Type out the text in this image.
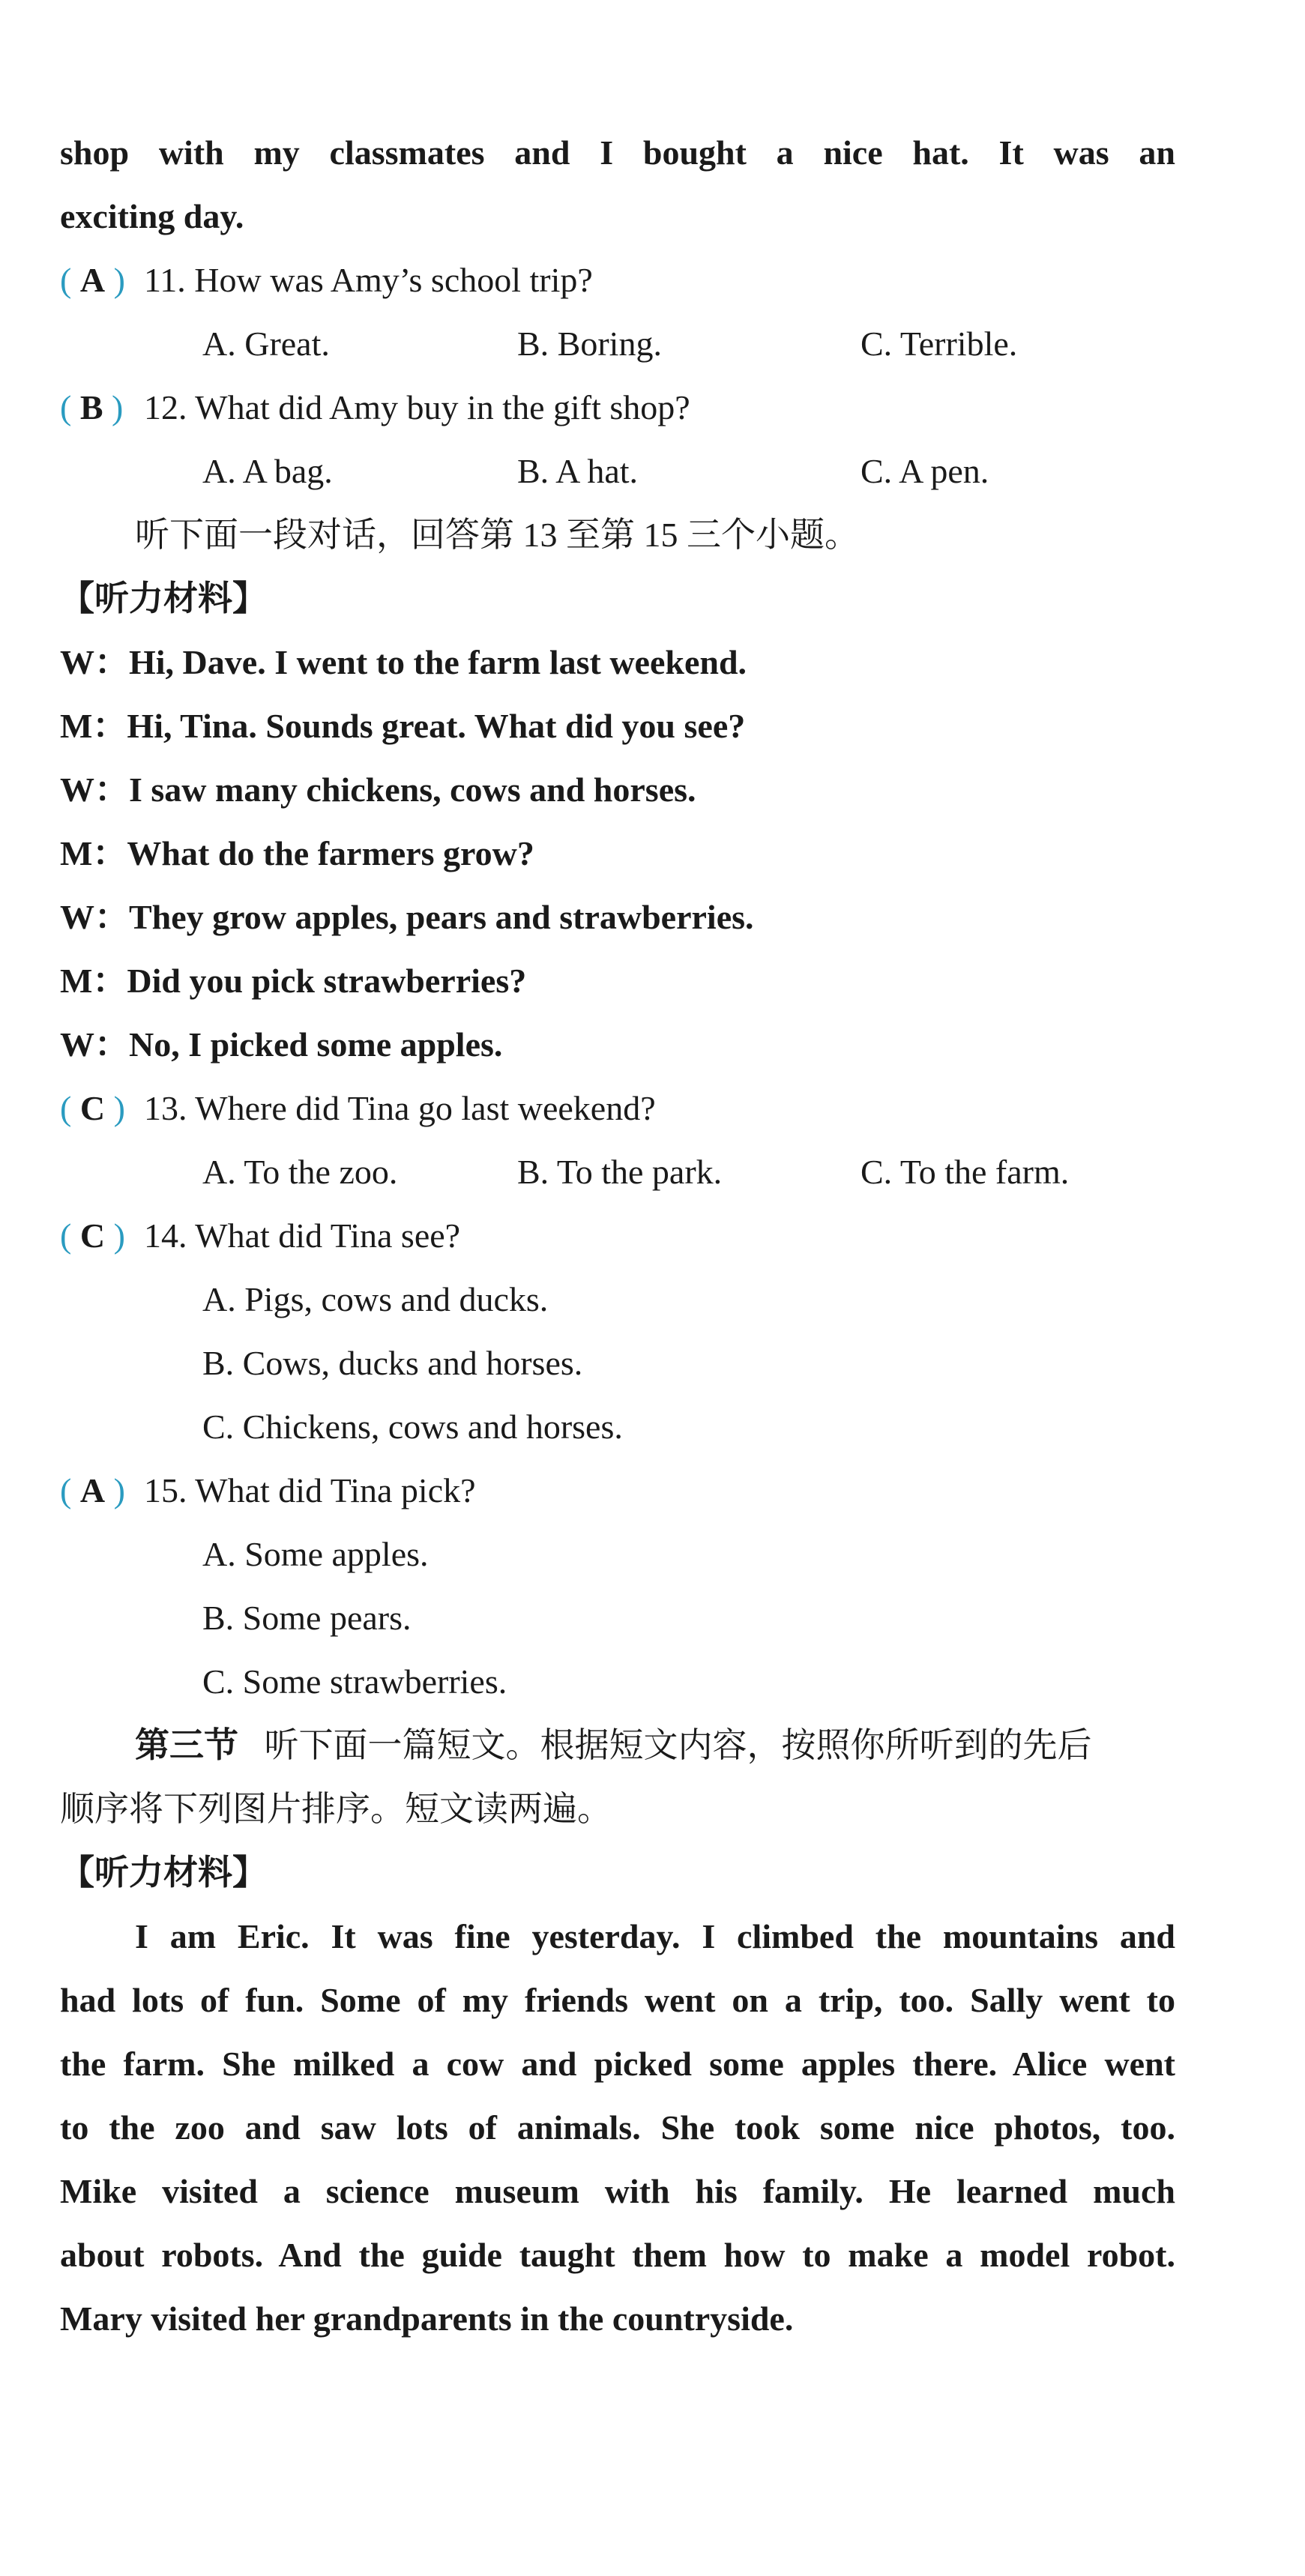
shop with my classmates and I bought a nice hat. It was an
exciting day.
( A ) 11. How was Amy’s school trip?
A. Great.	B. Boring.	C. Terrible.
( B ) 12. What did Amy buy in the gift shop?
A. A bag.	B. A hat.	C. A pen.
听下面一段对话，回答第 13 至第 15 三个小题。
【听力材料】
W：Hi, Dave. I went to the farm last weekend.
M：Hi, Tina. Sounds great. What did you see?
W：I saw many chickens, cows and horses.
M：What do the farmers grow?
W：They grow apples, pears and strawberries.
M：Did you pick strawberries?
W：No, I picked some apples.
( C ) 13. Where did Tina go last weekend?
A. To the zoo.	B. To the park.	C. To the farm.
( C ) 14. What did Tina see?
A. Pigs, cows and ducks.
B. Cows, ducks and horses.
C. Chickens, cows and horses.
( A ) 15. What did Tina pick?
A. Some apples.
B. Some pears.
C. Some strawberries.
第三节 听下面一篇短文。根据短文内容，按照你所听到的先后
顺序将下列图片排序。短文读两遍。
【听力材料】
I am Eric. It was fine yesterday. I climbed the mountains and
had lots of fun. Some of my friends went on a trip, too. Sally went to
the farm. She milked a cow and picked some apples there. Alice went
to the zoo and saw lots of animals. She took some nice photos, too.
Mike visited a science museum with his family. He learned much
about robots. And the guide taught them how to make a model robot.
Mary visited her grandparents in the countryside.
